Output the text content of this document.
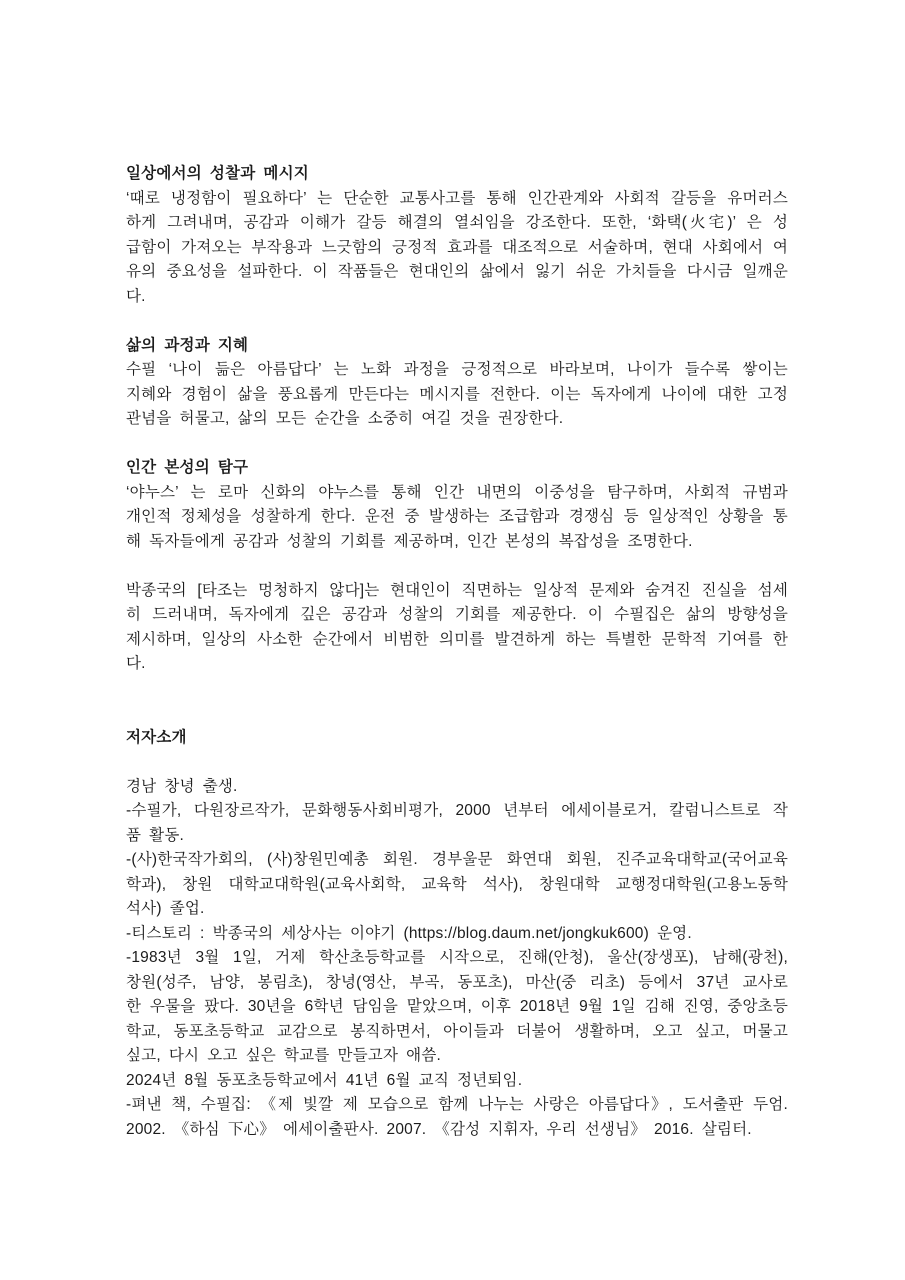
일상에서의 성찰과 메시지
‘때로 냉정함이 필요하다’ 는 단순한 교통사고를 통해 인간관계와 사회적 갈등을 유머러스
하게 그려내며, 공감과 이해가 갈등 해결의 열쇠임을 강조한다. 또한, ‘화택(火宅)’ 은 성
급함이 가져오는 부작용과 느긋함의 긍정적 효과를 대조적으로 서술하며, 현대 사회에서 여
유의 중요성을 설파한다. 이 작품들은 현대인의 삶에서 잃기 쉬운 가치들을 다시금 일깨운
다.
삶의 과정과 지혜
수필 ‘나이 듦은 아름답다’ 는 노화 과정을 긍정적으로 바라보며, 나이가 들수록 쌓이는
지혜와 경험이 삶을 풍요롭게 만든다는 메시지를 전한다. 이는 독자에게 나이에 대한 고정
관념을 허물고, 삶의 모든 순간을 소중히 여길 것을 권장한다.
인간 본성의 탐구
‘야누스’ 는 로마 신화의 야누스를 통해 인간 내면의 이중성을 탐구하며, 사회적 규범과
개인적 정체성을 성찰하게 한다. 운전 중 발생하는 조급함과 경쟁심 등 일상적인 상황을 통
해 독자들에게 공감과 성찰의 기회를 제공하며, 인간 본성의 복잡성을 조명한다.
박종국의 [타조는 멍청하지 않다]는 현대인이 직면하는 일상적 문제와 숨겨진 진실을 섬세
히 드러내며, 독자에게 깊은 공감과 성찰의 기회를 제공한다. 이 수필집은 삶의 방향성을
제시하며, 일상의 사소한 순간에서 비범한 의미를 발견하게 하는 특별한 문학적 기여를 한
다.
저자소개
경남 창녕 출생.
-수필가, 다원장르작가, 문화행동사회비평가, 2000 년부터 에세이블로거, 칼럼니스트로 작
품 활동.
-(사)한국작가회의, (사)창원민예총 회원. 경부울문 화연대 회원, 진주교육대학교(국어교육
학과), 창원 대학교대학원(교육사회학, 교육학 석사), 창원대학 교행정대학원(고용노동학
석사) 졸업.
-티스토리 : 박종국의 세상사는 이야기 (https://blog.daum.net/jongkuk600) 운영.
-1983년 3월 1일, 거제 학산초등학교를 시작으로, 진해(안청), 울산(장생포), 남해(광천),
창원(성주, 남양, 봉림초), 창녕(영산, 부곡, 동포초), 마산(중 리초) 등에서 37년 교사로
한 우물을 팠다. 30년을 6학년 담임을 맡았으며, 이후 2018년 9월 1일 김해 진영, 중앙초등
학교, 동포초등학교 교감으로 봉직하면서, 아이들과 더불어 생활하며, 오고 싶고, 머물고
싶고, 다시 오고 싶은 학교를 만들고자 애씀.
2024년 8월 동포초등학교에서 41년 6월 교직 정년퇴임.
-펴낸 책, 수필집: 《제 빛깔 제 모습으로 함께 나누는 사랑은 아름답다》, 도서출판 두엄.
2002. 《하심 下心》 에세이출판사. 2007. 《감성 지휘자, 우리 선생님》 2016. 살림터.
